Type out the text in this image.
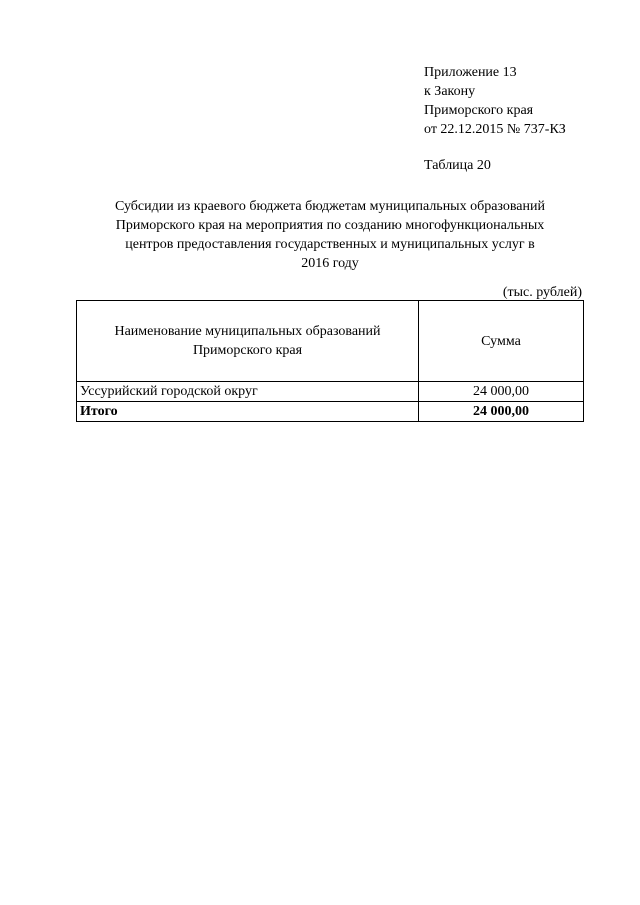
Приложение 13
к Закону
Приморского края
от 22.12.2015 № 737-КЗ
Таблица 20
Субсидии из краевого бюджета бюджетам муниципальных образований
Приморского края на мероприятия по созданию многофункциональных
центров предоставления государственных и муниципальных услуг в
2016 году
(тыс. рублей)
Наименование муниципальных образований
Приморского края	Сумма
Уссурийский городской округ	24 000,00
Итого	24 000,00
